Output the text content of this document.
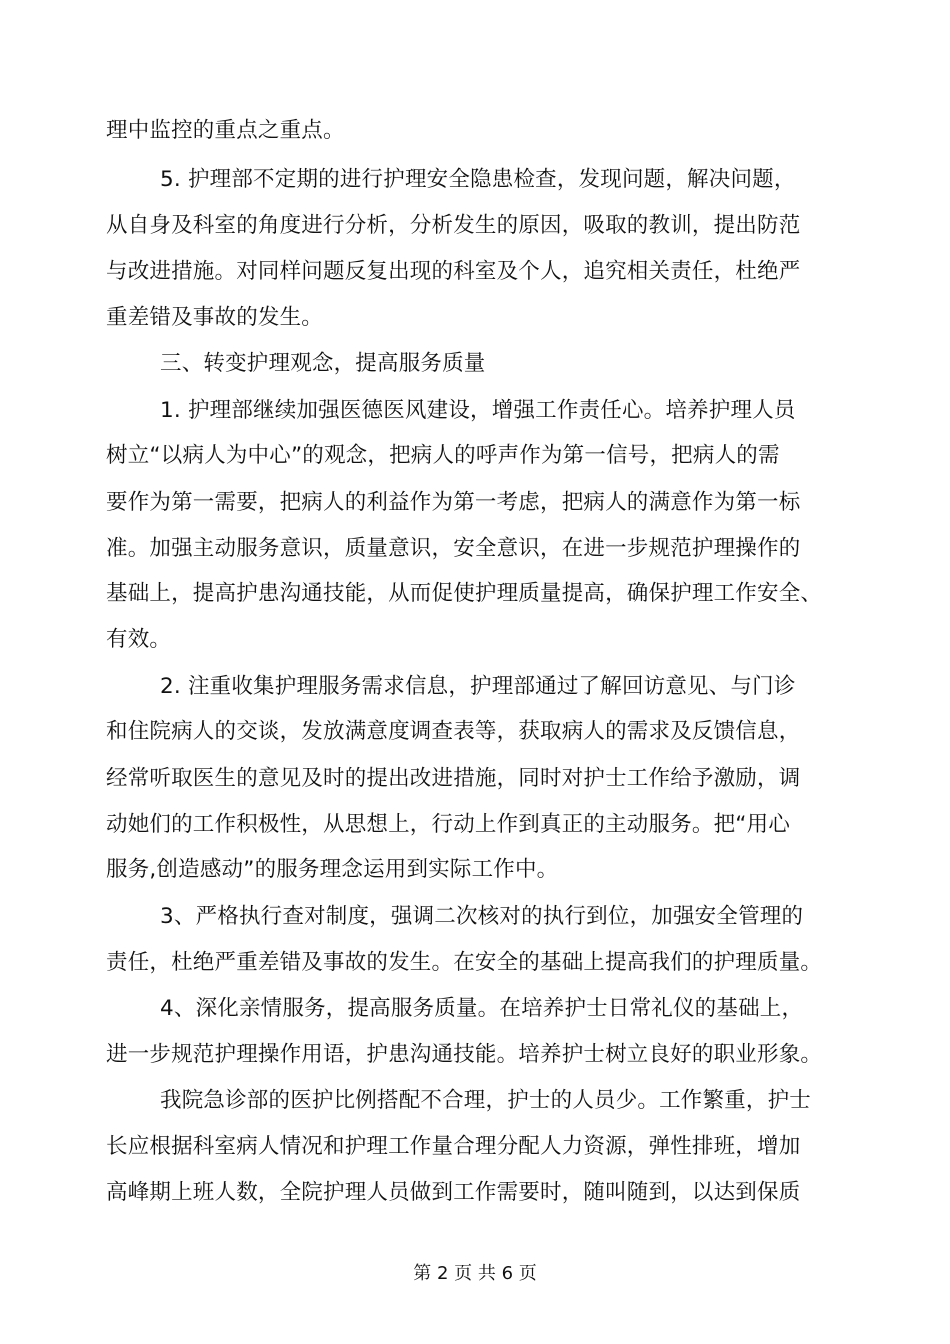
理中监控的重点之重点。
5. 护理部不定期的进行护理安全隐患检查，发现问题，解决问题，
从自身及科室的角度进行分析，分析发生的原因，吸取的教训，提出防范
与改进措施。对同样问题反复出现的科室及个人，追究相关责任，杜绝严
重差错及事故的发生。
三、转变护理观念，提高服务质量
1. 护理部继续加强医德医风建设，增强工作责任心。培养护理人员
树立“以病人为中心”的观念，把病人的呼声作为第一信号，把病人的需
要作为第一需要，把病人的利益作为第一考虑，把病人的满意作为第一标
准。加强主动服务意识，质量意识，安全意识，在进一步规范护理操作的
基础上，提高护患沟通技能，从而促使护理质量提高，确保护理工作安全、
有效。
2. 注重收集护理服务需求信息，护理部通过了解回访意见、与门诊
和住院病人的交谈，发放满意度调查表等，获取病人的需求及反馈信息，
经常听取医生的意见及时的提出改进措施，同时对护士工作给予激励，调
动她们的工作积极性，从思想上，行动上作到真正的主动服务。把“用心
服务,创造感动”的服务理念运用到实际工作中。
3、严格执行查对制度，强调二次核对的执行到位，加强安全管理的
责任，杜绝严重差错及事故的发生。在安全的基础上提高我们的护理质量。
4、深化亲情服务，提高服务质量。在培养护士日常礼仪的基础上，
进一步规范护理操作用语，护患沟通技能。培养护士树立良好的职业形象。
我院急诊部的医护比例搭配不合理，护士的人员少。工作繁重，护士
长应根据科室病人情况和护理工作量合理分配人力资源，弹性排班，增加
高峰期上班人数，全院护理人员做到工作需要时，随叫随到，以达到保质
第 2 页 共 6 页
